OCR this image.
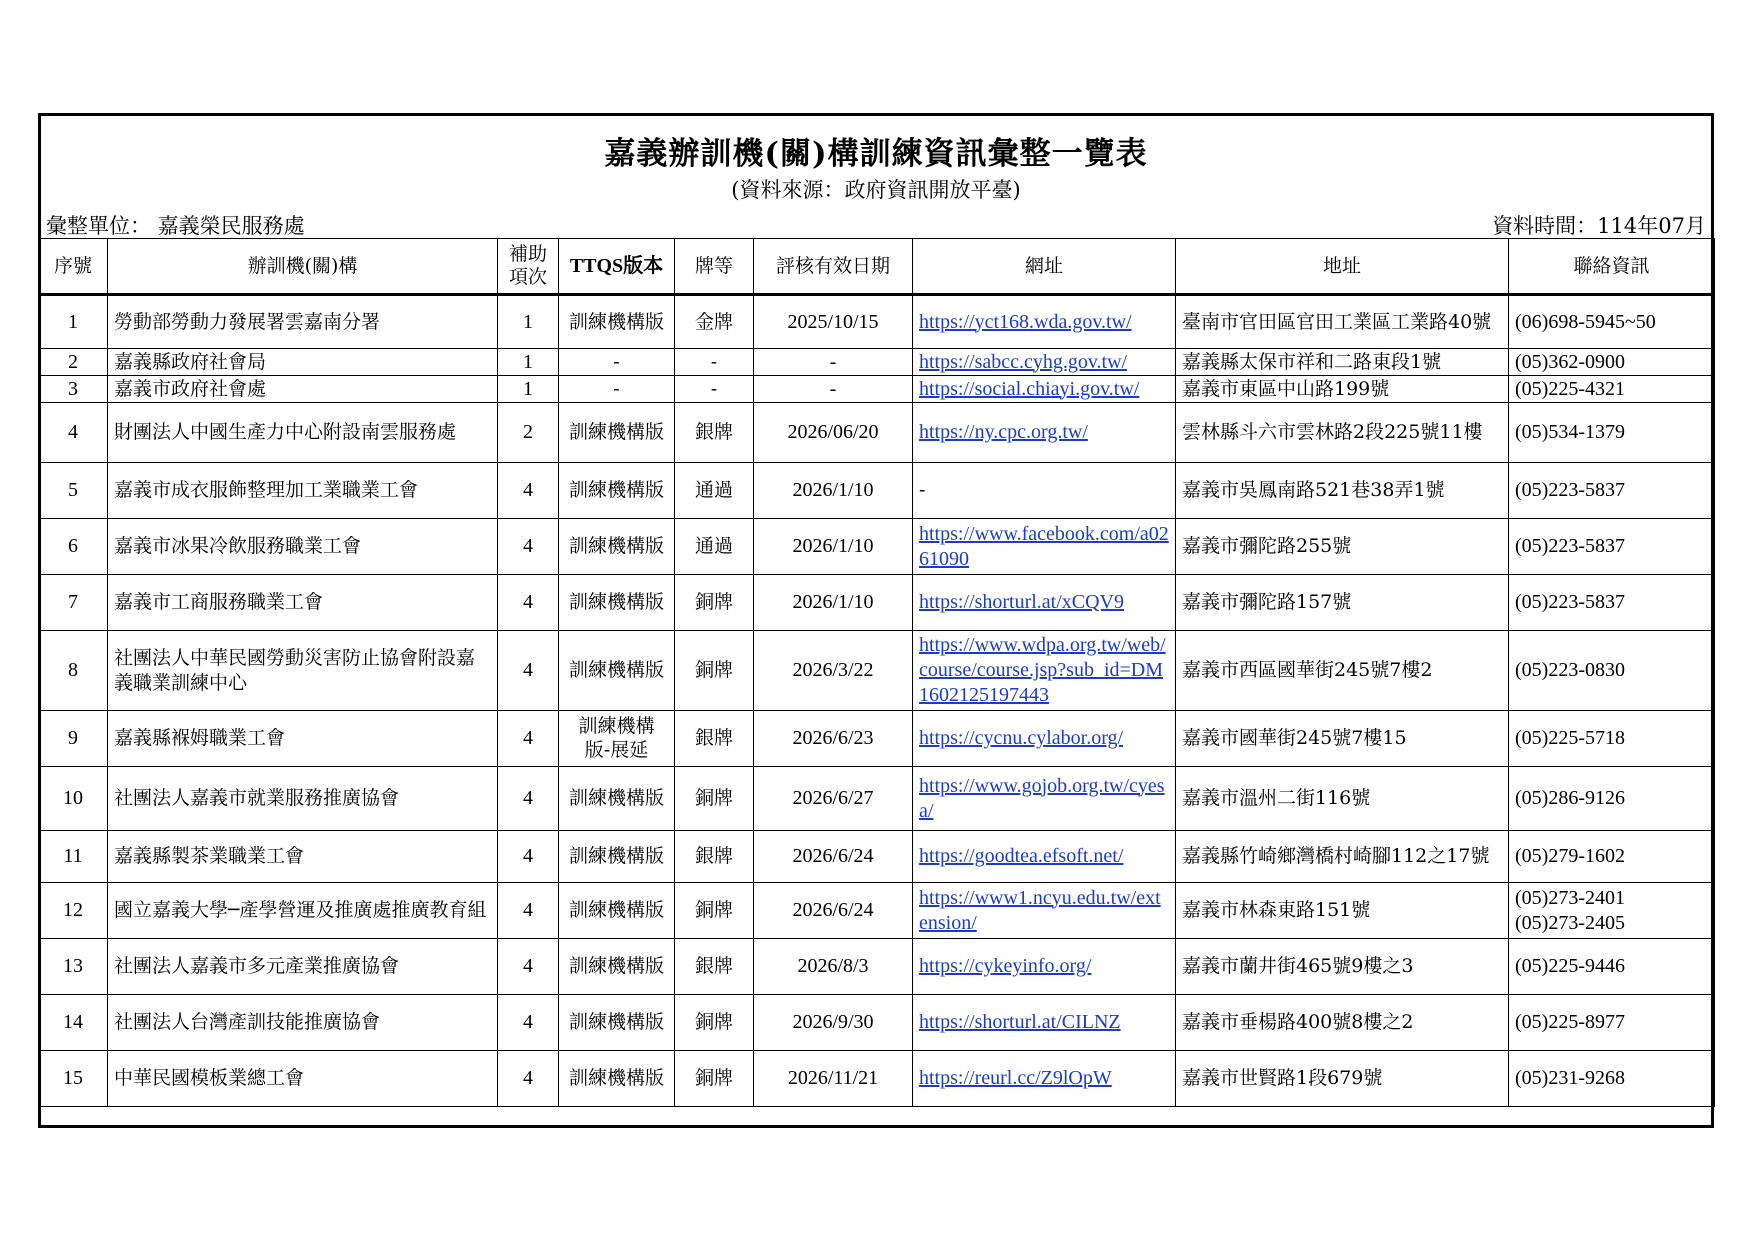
嘉義辦訓機(關)構訓練資訊彙整一覽表
(資料來源：政府資訊開放平臺)
彙整單位： 嘉義榮民服務處	資料時間：114年07月
序號	辦訓機(關)構	補助項次	TTQS版本	牌等	評核有效日期	網址	地址	聯絡資訊
1	勞動部勞動力發展署雲嘉南分署	1	訓練機構版	金牌	2025/10/15	https://yct168.wda.gov.tw/	臺南市官田區官田工業區工業路40號	(06)698-5945~50
2	嘉義縣政府社會局	1	-	-	-	https://sabcc.cyhg.gov.tw/	嘉義縣太保市祥和二路東段1號	(05)362-0900
3	嘉義市政府社會處	1	-	-	-	https://social.chiayi.gov.tw/	嘉義市東區中山路199號	(05)225-4321
4	財團法人中國生產力中心附設南雲服務處	2	訓練機構版	銀牌	2026/06/20	https://ny.cpc.org.tw/	雲林縣斗六市雲林路2段225號11樓	(05)534-1379
5	嘉義市成衣服飾整理加工業職業工會	4	訓練機構版	通過	2026/1/10	-	嘉義市吳鳳南路521巷38弄1號	(05)223-5837
6	嘉義市冰果冷飲服務職業工會	4	訓練機構版	通過	2026/1/10	https://www.facebook.com/a0261090	嘉義市彌陀路255號	(05)223-5837
7	嘉義市工商服務職業工會	4	訓練機構版	銅牌	2026/1/10	https://shorturl.at/xCQV9	嘉義市彌陀路157號	(05)223-5837
8	社團法人中華民國勞動災害防止協會附設嘉義職業訓練中心	4	訓練機構版	銅牌	2026/3/22	https://www.wdpa.org.tw/web/course/course.jsp?sub_id=DM1602125197443	嘉義市西區國華街245號7樓2	(05)223-0830
9	嘉義縣褓姆職業工會	4	訓練機構版-展延	銀牌	2026/6/23	https://cycnu.cylabor.org/	嘉義市國華街245號7樓15	(05)225-5718
10	社團法人嘉義市就業服務推廣協會	4	訓練機構版	銅牌	2026/6/27	https://www.gojob.org.tw/cyesa/	嘉義市溫州二街116號	(05)286-9126
11	嘉義縣製茶業職業工會	4	訓練機構版	銀牌	2026/6/24	https://goodtea.efsoft.net/	嘉義縣竹崎鄉灣橋村崎腳112之17號	(05)279-1602
12	國立嘉義大學─產學營運及推廣處推廣教育組	4	訓練機構版	銅牌	2026/6/24	https://www1.ncyu.edu.tw/extension/	嘉義市林森東路151號	(05)273-2401
(05)273-2405
13	社團法人嘉義市多元產業推廣協會	4	訓練機構版	銀牌	2026/8/3	https://cykeyinfo.org/	嘉義市蘭井街465號9樓之3	(05)225-9446
14	社團法人台灣產訓技能推廣協會	4	訓練機構版	銅牌	2026/9/30	https://shorturl.at/CILNZ	嘉義市垂楊路400號8樓之2	(05)225-8977
15	中華民國模板業總工會	4	訓練機構版	銅牌	2026/11/21	https://reurl.cc/Z9lOpW	嘉義市世賢路1段679號	(05)231-9268
